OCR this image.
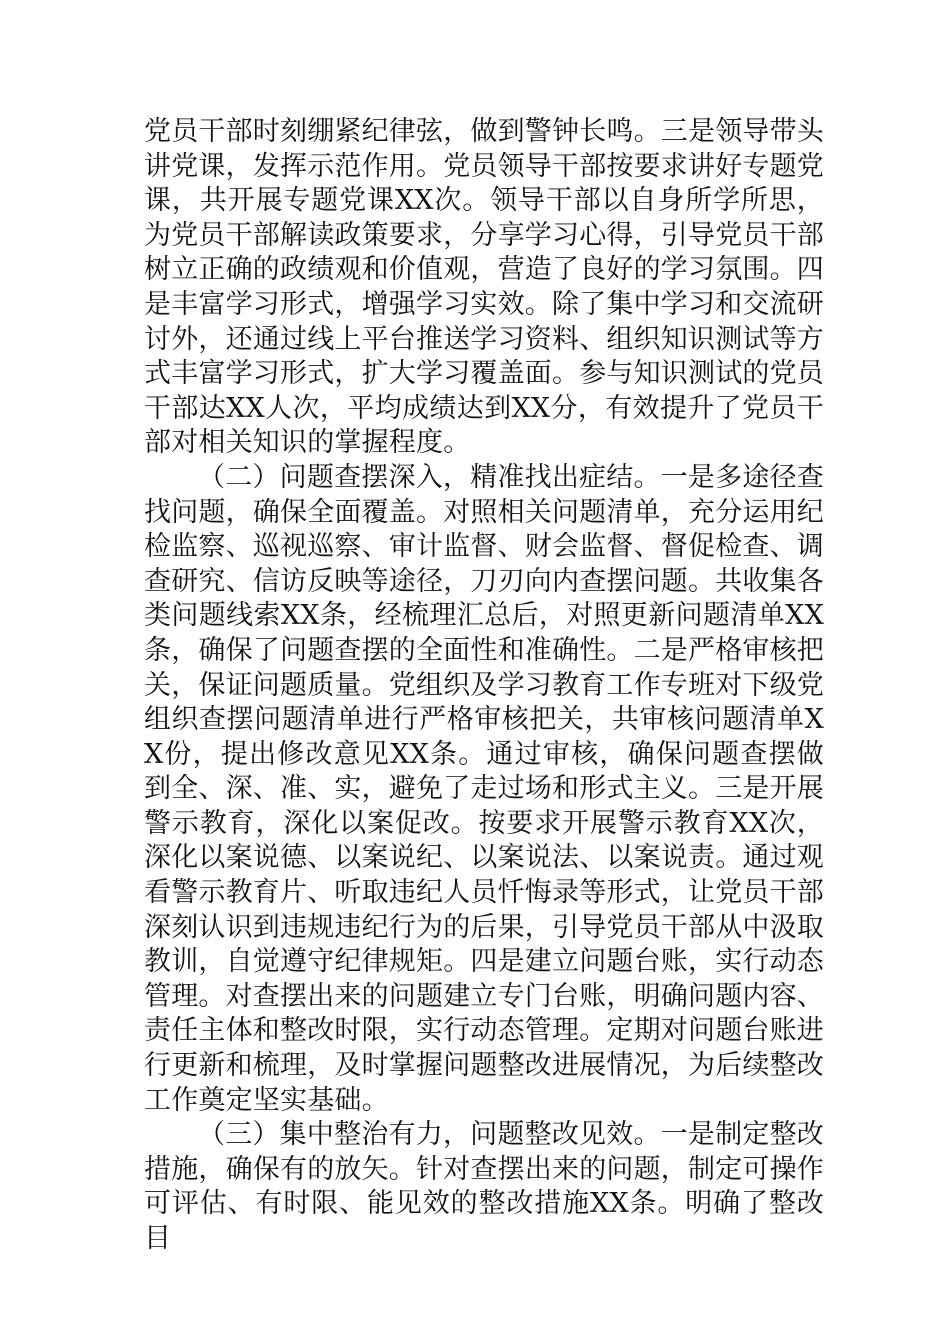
党员干部时刻绷紧纪律弦，做到警钟长鸣。三是领导带头讲党课，发挥示范作用。党员领导干部按要求讲好专题党课，共开展专题党课XX次。领导干部以自身所学所思，为党员干部解读政策要求，分享学习心得，引导党员干部树立正确的政绩观和价值观，营造了良好的学习氛围。四是丰富学习形式，增强学习实效。除了集中学习和交流研讨外，还通过线上平台推送学习资料、组织知识测试等方式丰富学习形式，扩大学习覆盖面。参与知识测试的党员干部达XX人次，平均成绩达到XX分，有效提升了党员干部对相关知识的掌握程度。

（二）问题查摆深入，精准找出症结。一是多途径查找问题，确保全面覆盖。对照相关问题清单，充分运用纪检监察、巡视巡察、审计监督、财会监督、督促检查、调查研究、信访反映等途径，刀刃向内查摆问题。共收集各类问题线索XX条，经梳理汇总后，对照更新问题清单XX条，确保了问题查摆的全面性和准确性。二是严格审核把关，保证问题质量。党组织及学习教育工作专班对下级党组织查摆问题清单进行严格审核把关，共审核问题清单XX份，提出修改意见XX条。通过审核，确保问题查摆做到全、深、准、实，避免了走过场和形式主义。三是开展警示教育，深化以案促改。按要求开展警示教育XX次，深化以案说德、以案说纪、以案说法、以案说责。通过观看警示教育片、听取违纪人员忏悔录等形式，让党员干部深刻认识到违规违纪行为的后果，引导党员干部从中汲取教训，自觉遵守纪律规矩。四是建立问题台账，实行动态管理。对查摆出来的问题建立专门台账，明确问题内容、责任主体和整改时限，实行动态管理。定期对问题台账进行更新和梳理，及时掌握问题整改进展情况，为后续整改工作奠定坚实基础。

（三）集中整治有力，问题整改见效。一是制定整改措施，确保有的放矢。针对查摆出来的问题，制定可操作可评估、有时限、能见效的整改措施XX条。明确了整改目
